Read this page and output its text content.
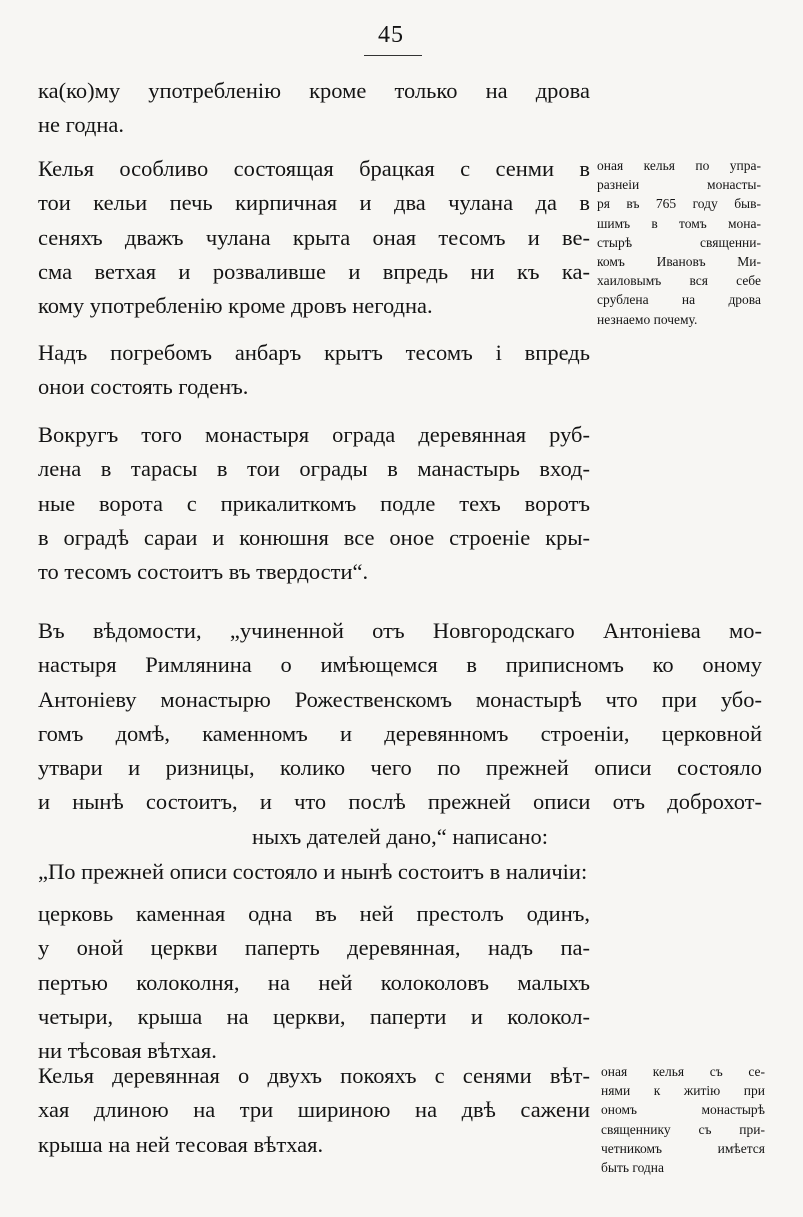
45
ка(ко)му употребленiю кроме только на дрова
не годна.
Келья особливо состоящая брацкая с сенми в
тои кельи печь кирпичная и два чулана да в
сеняхъ дважъ чулана крыта оная тесомъ и ве-
сма ветхая и розваливше и впредь ни къ ка-
кому употребленiю кроме дровъ негодна.
Надъ погребомъ анбаръ крытъ тесомъ i впредь
онои состоять годенъ.
Вокругъ того монастыря ограда деревянная руб-
лена в тарасы в тои ограды в манастырь вход-
ные ворота с прикалиткомъ подле техъ воротъ
в оградѣ сараи и конюшня все оное строенiе кры-
то тесомъ состоитъ въ твердости“.
Въ вѣдомости, „учиненной отъ Новгородскаго Антонiева мо-
настыря Римлянина о имѣющемся в приписномъ ко оному
Антонiеву монастырю Рожественскомъ монастырѣ что при убо-
гомъ домѣ, каменномъ и деревянномъ строенiи, церковной
утвари и ризницы, колико чего по прежней описи состояло
и нынѣ состоитъ, и что послѣ прежней описи отъ доброхот-
ныхъ дателей дано,“ написано:
„По прежней описи состояло и нынѣ состоитъ в наличiи:
церковь каменная одна въ ней престолъ одинъ,
у оной церкви паперть деревянная, надъ па-
пертью колоколня, на ней колоколовъ малыхъ
четыри, крыша на церкви, паперти и колокол-
ни тѣсовая вѣтхая.
Келья деревянная о двухъ покояхъ с сенями вѣт-
хая длиною на три шириною на двѣ сажени
крыша на ней тесовая вѣтхая.
оная келья по упра-
разнеiи монасты-
ря въ 765 году быв-
шимъ в томъ мона-
стырѣ священни-
комъ Ивановъ Ми-
хаиловымъ вся себе
срублена на дрова
незнаемо почему.
оная келья съ се-
нями к житiю при
ономъ монастырѣ
священнику съ при-
четникомъ имѣется
быть годна
